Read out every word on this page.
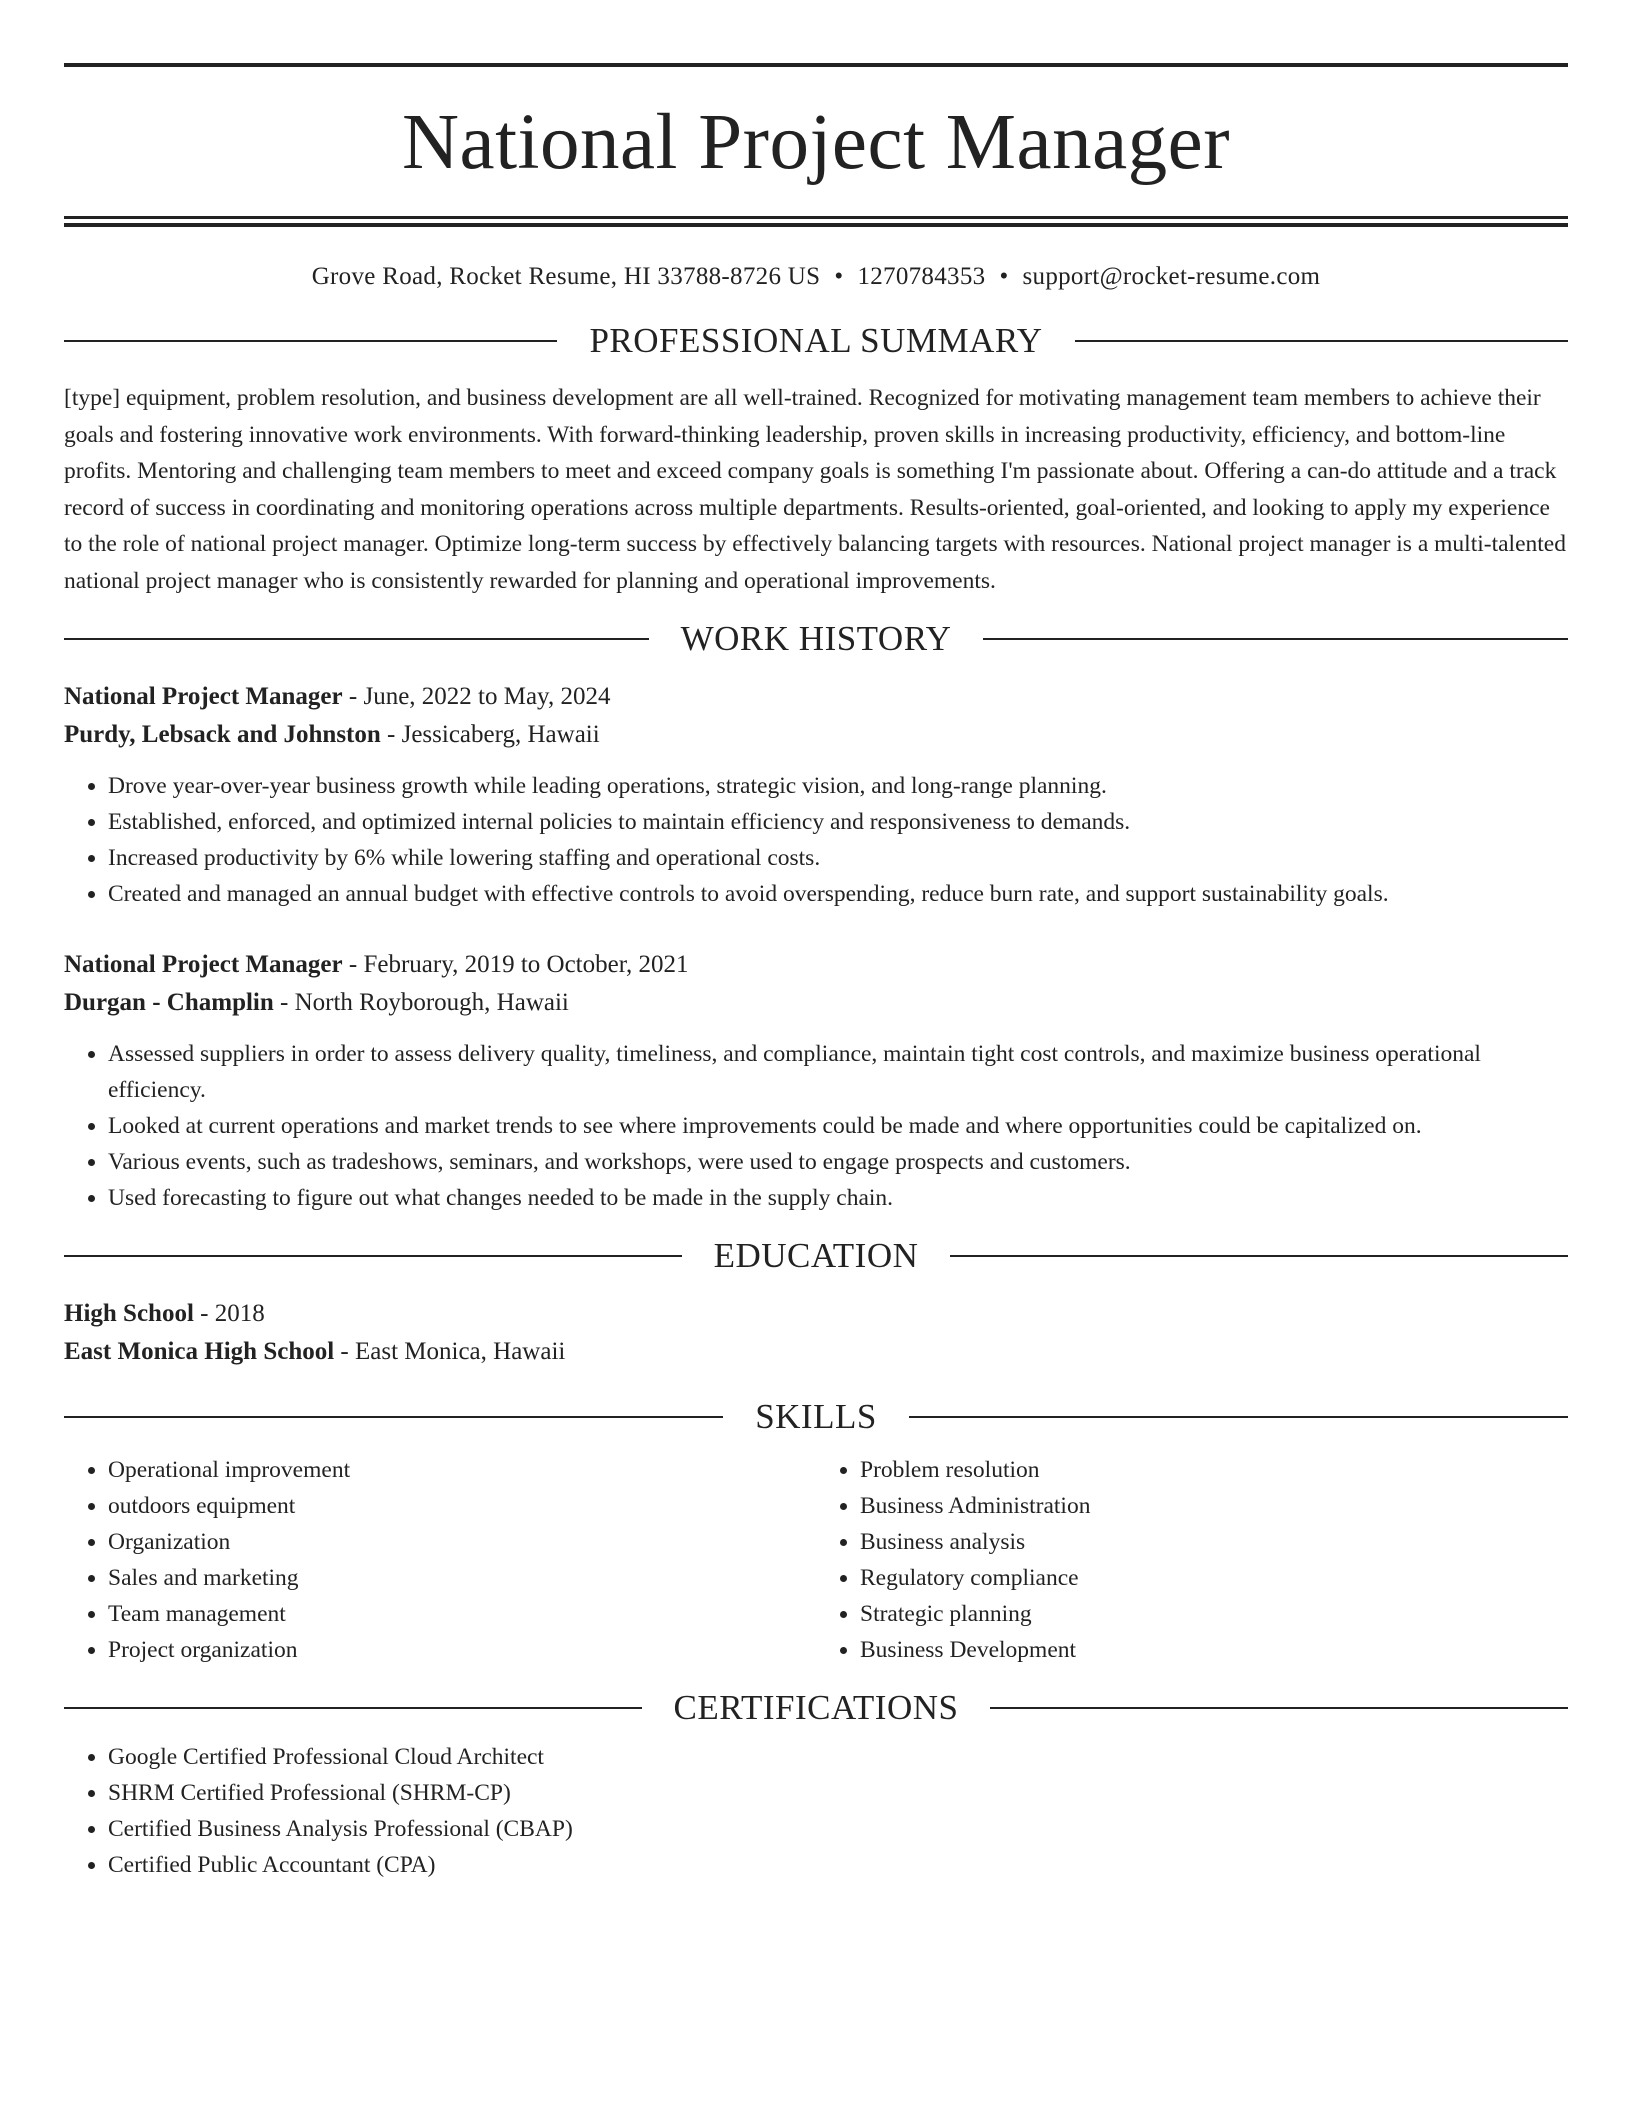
National Project Manager
Grove Road, Rocket Resume, HI 33788-8726 US • 1270784353 • support@rocket-resume.com
PROFESSIONAL SUMMARY

[type] equipment, problem resolution, and business development are all well-trained. Recognized for motivating management team members to achieve their goals and fostering innovative work environments. With forward-thinking leadership, proven skills in increasing productivity, efficiency, and bottom-line profits. Mentoring and challenging team members to meet and exceed company goals is something I'm passionate about. Offering a can-do attitude and a track record of success in coordinating and monitoring operations across multiple departments. Results-oriented, goal-oriented, and looking to apply my experience to the role of national project manager. Optimize long-term success by effectively balancing targets with resources. National project manager is a multi-talented national project manager who is consistently rewarded for planning and operational improvements.

WORK HISTORY
National Project Manager - June, 2022 to May, 2024
Purdy, Lebsack and Johnston - Jessicaberg, Hawaii
• Drove year-over-year business growth while leading operations, strategic vision, and long-range planning.
• Established, enforced, and optimized internal policies to maintain efficiency and responsiveness to demands.
• Increased productivity by 6% while lowering staffing and operational costs.
• Created and managed an annual budget with effective controls to avoid overspending, reduce burn rate, and support sustainability goals.
National Project Manager - February, 2019 to October, 2021
Durgan - Champlin - North Royborough, Hawaii
• Assessed suppliers in order to assess delivery quality, timeliness, and compliance, maintain tight cost controls, and maximize business operational efficiency.
• Looked at current operations and market trends to see where improvements could be made and where opportunities could be capitalized on.
• Various events, such as tradeshows, seminars, and workshops, were used to engage prospects and customers.
• Used forecasting to figure out what changes needed to be made in the supply chain.
EDUCATION
High School - 2018
East Monica High School - East Monica, Hawaii
SKILLS
• Operational improvement
• outdoors equipment
• Organization
• Sales and marketing
• Team management
• Project organization
• Problem resolution
• Business Administration
• Business analysis
• Regulatory compliance
• Strategic planning
• Business Development
CERTIFICATIONS
• Google Certified Professional Cloud Architect
• SHRM Certified Professional (SHRM-CP)
• Certified Business Analysis Professional (CBAP)
• Certified Public Accountant (CPA)
